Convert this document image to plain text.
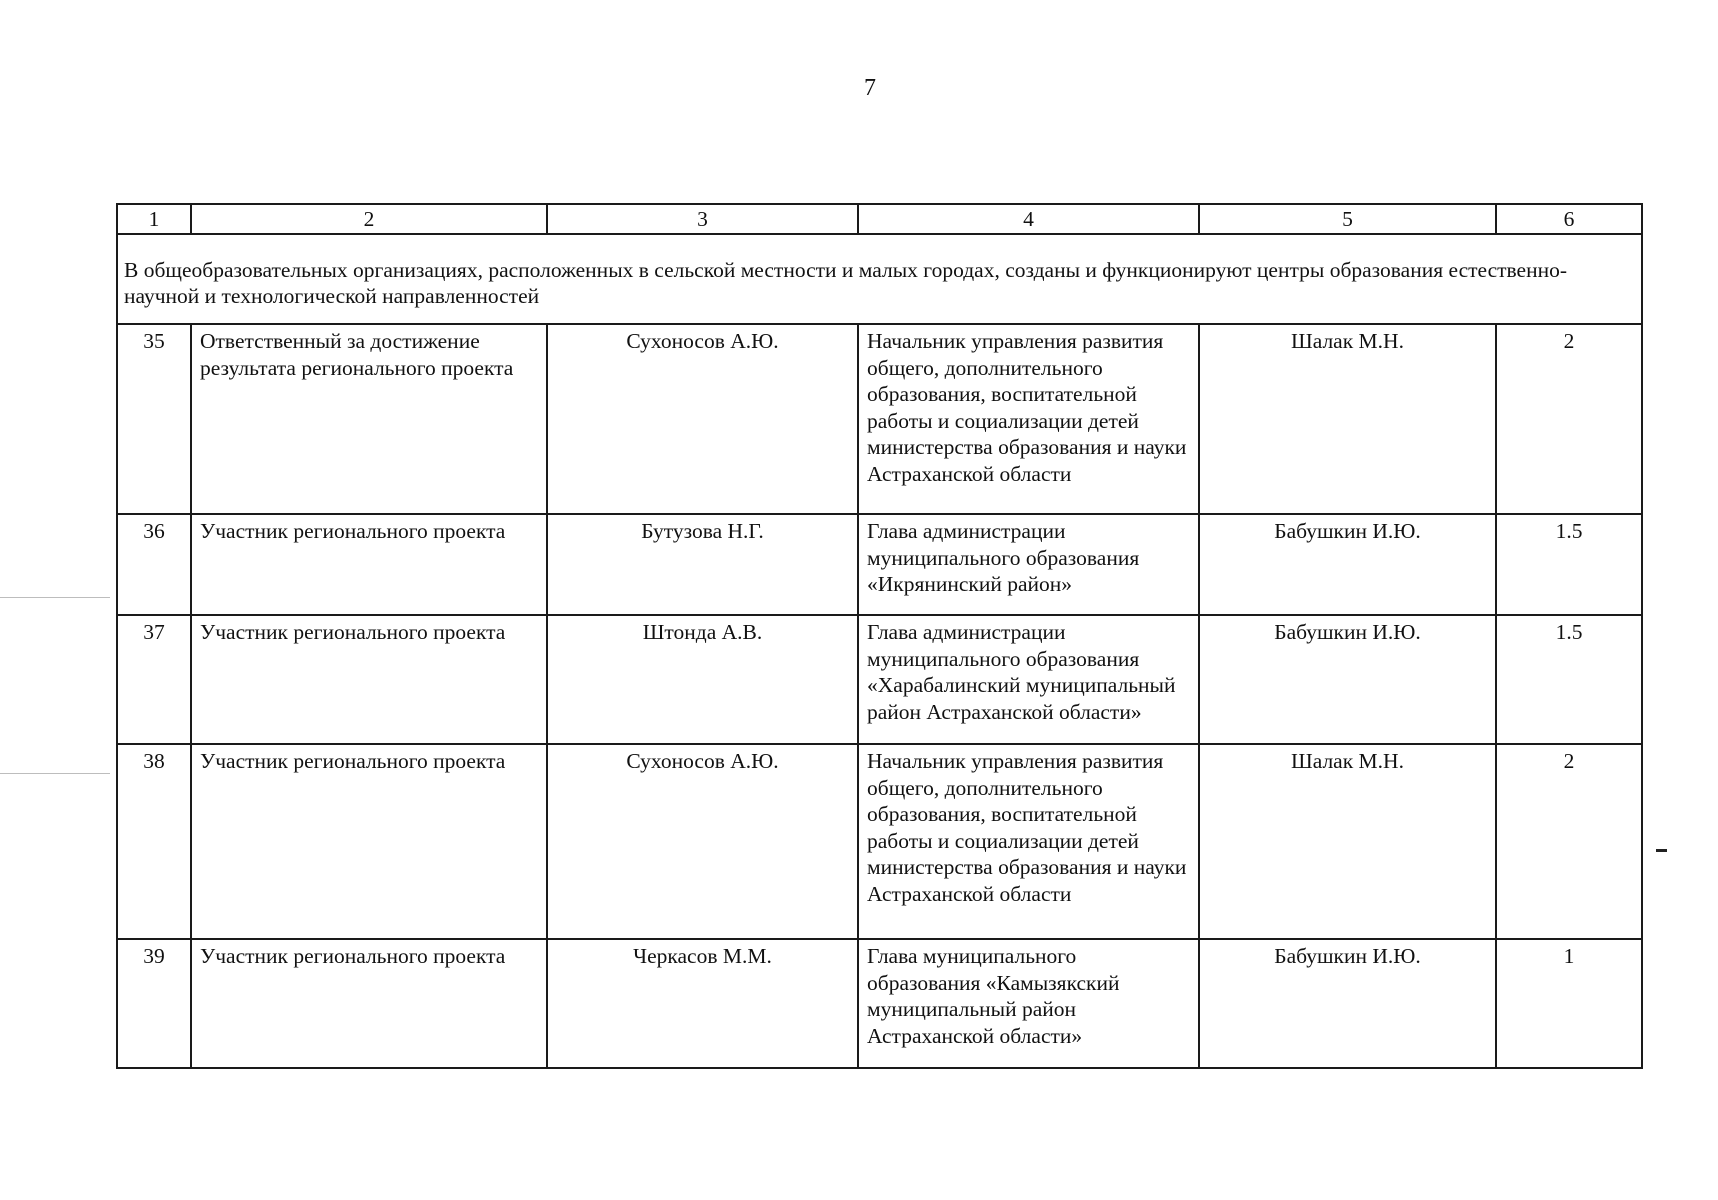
7
1	2	3	4	5	6
В общеобразовательных организациях, расположенных в сельской местности и малых городах, созданы и функционируют центры образования естественно-научной и технологической направленностей					
35	Ответственный за достижение результата регионального проекта	Сухоносов А.Ю.	Начальник управления развития общего, дополнительного образования, воспитательной работы и социализации детей министерства образования и науки Астраханской области	Шалак М.Н.	2
36	Участник регионального проекта	Бутузова Н.Г.	Глава администрации муниципального образования «Икрянинский район»	Бабушкин И.Ю.	1.5
37	Участник регионального проекта	Штонда А.В.	Глава администрации муниципального образования «Харабалинский муниципальный район Астраханской области»	Бабушкин И.Ю.	1.5
38	Участник регионального проекта	Сухоносов А.Ю.	Начальник управления развития общего, дополнительного образования, воспитательной работы и социализации детей министерства образования и науки Астраханской области	Шалак М.Н.	2
39	Участник регионального проекта	Черкасов М.М.	Глава муниципального образования «Камызякский муниципальный район Астраханской области»	Бабушкин И.Ю.	1
